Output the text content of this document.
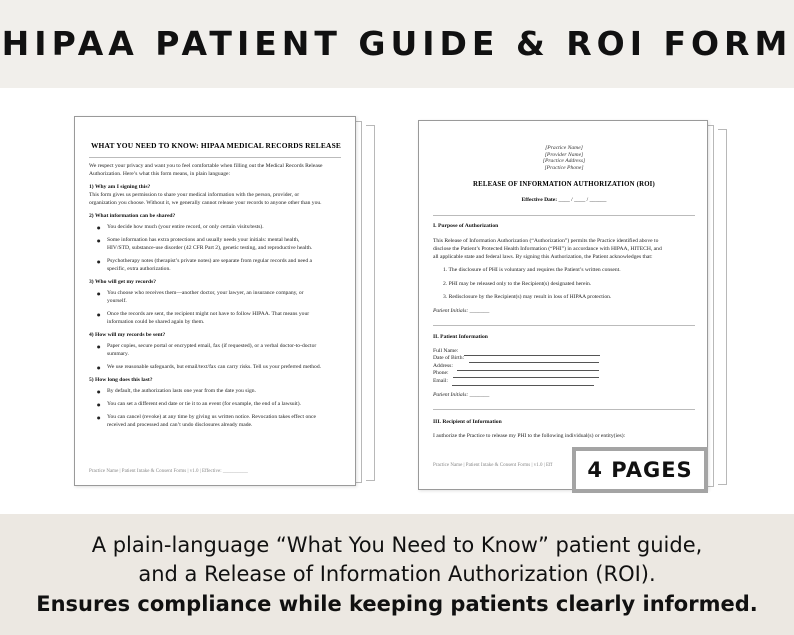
HIPAA PATIENT GUIDE & ROI FORM
WHAT YOU NEED TO KNOW: HIPAA MEDICAL RECORDS RELEASE
We respect your privacy and want you to feel comfortable when filling out the Medical Records Release
Authorization. Here’s what this form means, in plain language:
1) Why am I signing this?
This form gives us permission to share your medical information with the person, provider, or
organization you choose. Without it, we generally cannot release your records to anyone other than you.
2) What information can be shared?
● You decide how much (your entire record, or only certain visits/tests).
● Some information has extra protections and usually needs your initials: mental health,
HIV/STD, substance-use disorder (42 CFR Part 2), genetic testing, and reproductive health.
● Psychotherapy notes (therapist’s private notes) are separate from regular records and need a
specific, extra authorization.
3) Who will get my records?
● You choose who receives them—another doctor, your lawyer, an insurance company, or
yourself.
● Once the records are sent, the recipient might not have to follow HIPAA. That means your
information could be shared again by them.
4) How will my records be sent?
● Paper copies, secure portal or encrypted email, fax (if requested), or a verbal doctor-to-doctor
summary.
● We use reasonable safeguards, but email/text/fax can carry risks. Tell us your preferred method.
5) How long does this last?
● By default, the authorization lasts one year from the date you sign.
● You can set a different end date or tie it to an event (for example, the end of a lawsuit).
● You can cancel (revoke) at any time by giving us written notice. Revocation takes effect once
received and processed and can’t undo disclosures already made.
Practice Name | Patient Intake & Consent Forms | v1.0 | Effective: __________
[Practice Name]
[Provider Name]
[Practice Address]
[Practice Phone]
RELEASE OF INFORMATION AUTHORIZATION (ROI)
Effective Date: ____ / ____ / ______
I. Purpose of Authorization
This Release of Information Authorization (“Authorization”) permits the Practice identified above to
disclose the Patient’s Protected Health Information (“PHI”) in accordance with HIPAA, HITECH, and
all applicable state and federal laws. By signing this Authorization, the Patient acknowledges that:
1. The disclosure of PHI is voluntary and requires the Patient’s written consent.
2. PHI may be released only to the Recipient(s) designated herein.
3. Redisclosure by the Recipient(s) may result in loss of HIPAA protection.
Patient Initials: _______
II. Patient Information
Full Name:
Date of Birth:
Address:
Phone:
Email:
Patient Initials: _______
III. Recipient of Information
I authorize the Practice to release my PHI to the following individual(s) or entity(ies):
Practice Name | Patient Intake & Consent Forms | v1.0 | Eff	4 PAGES
A plain-language “What You Need to Know” patient guide,
and a Release of Information Authorization (ROI).
Ensures compliance while keeping patients clearly informed.
